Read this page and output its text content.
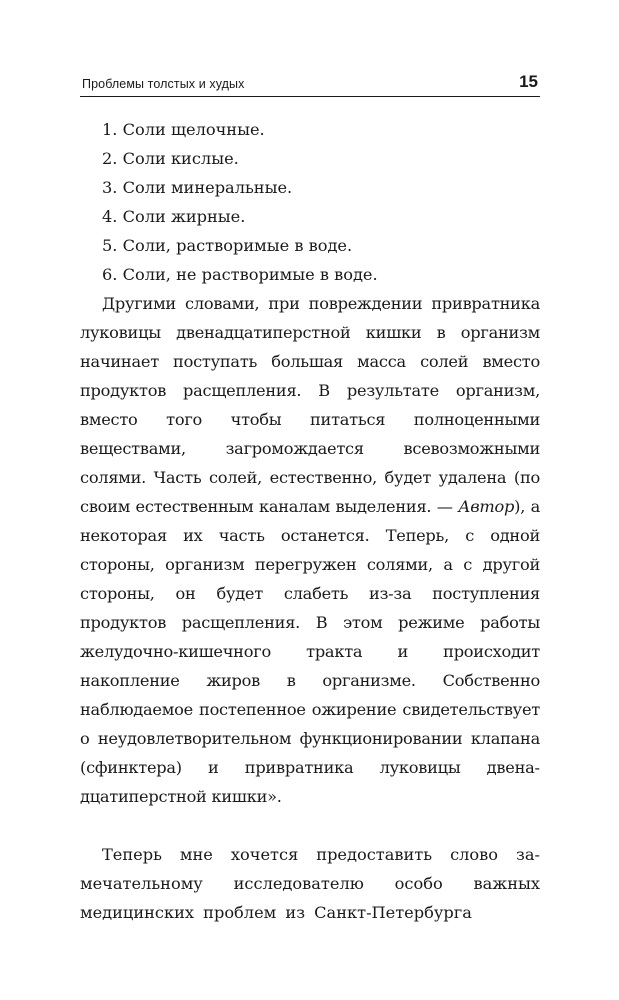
Проблемы толстых и худых	15
1. Соли щелочные.
2. Соли кислые.
3. Соли минеральные.
4. Соли жирные.
5. Соли, растворимые в воде.
6. Соли, не растворимые в воде.

Другими словами, при повреждении привратника луковицы двенадцатиперстной кишки в организм начинает поступать большая масса солей вместо продуктов расщепления. В результате организм, вместо того чтобы питаться полноценными веществами, загромождается всевозможными солями. Часть солей, естественно, будет удалена (по своим естественным каналам выделения. — Автор), а некоторая их часть останется. Теперь, с одной стороны, организм перегружен солями, а с другой стороны, он будет слабеть из-за поступления продуктов расщепления. В этом режиме работы желудочно-кишечного тракта и происходит накопление жиров в организме. Собственно наблюдаемое постепенное ожирение свидетельствует о неудовлетворительном функционировании клапана (сфинктера) и привратника луковицы двенадцатиперстной кишки».

Теперь мне хочется предоставить слово замечательному исследователю особо важных медицинских проблем из Санкт-Петербурга
